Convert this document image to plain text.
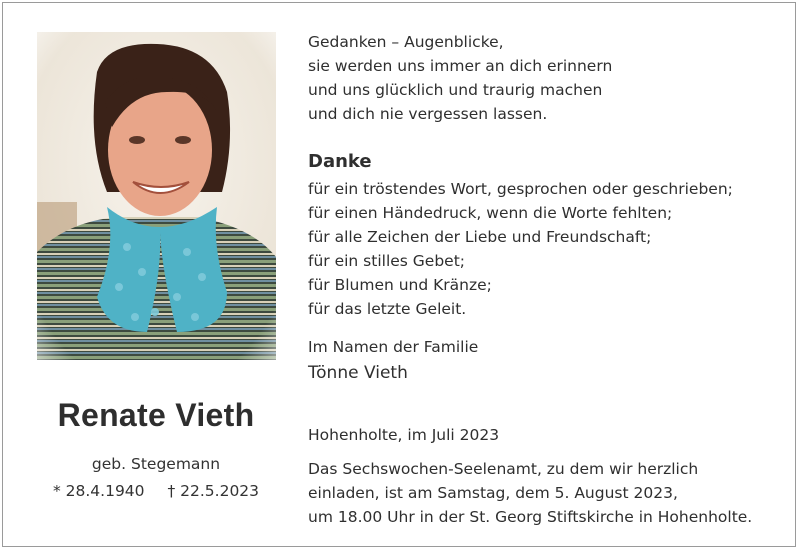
Renate Vieth
geb. Stegemann
* 28.4.1940 † 22.5.2023
Gedanken – Augenblicke,
sie werden uns immer an dich erinnern
und uns glücklich und traurig machen
und dich nie vergessen lassen.
Danke
für ein tröstendes Wort, gesprochen oder geschrieben;
für einen Händedruck, wenn die Worte fehlten;
für alle Zeichen der Liebe und Freundschaft;
für ein stilles Gebet;
für Blumen und Kränze;
für das letzte Geleit.
Im Namen der Familie
Tönne Vieth
Hohenholte, im Juli 2023
Das Sechswochen-Seelenamt, zu dem wir herzlich
einladen, ist am Samstag, dem 5. August 2023,
um 18.00 Uhr in der St. Georg Stiftskirche in Hohenholte.
